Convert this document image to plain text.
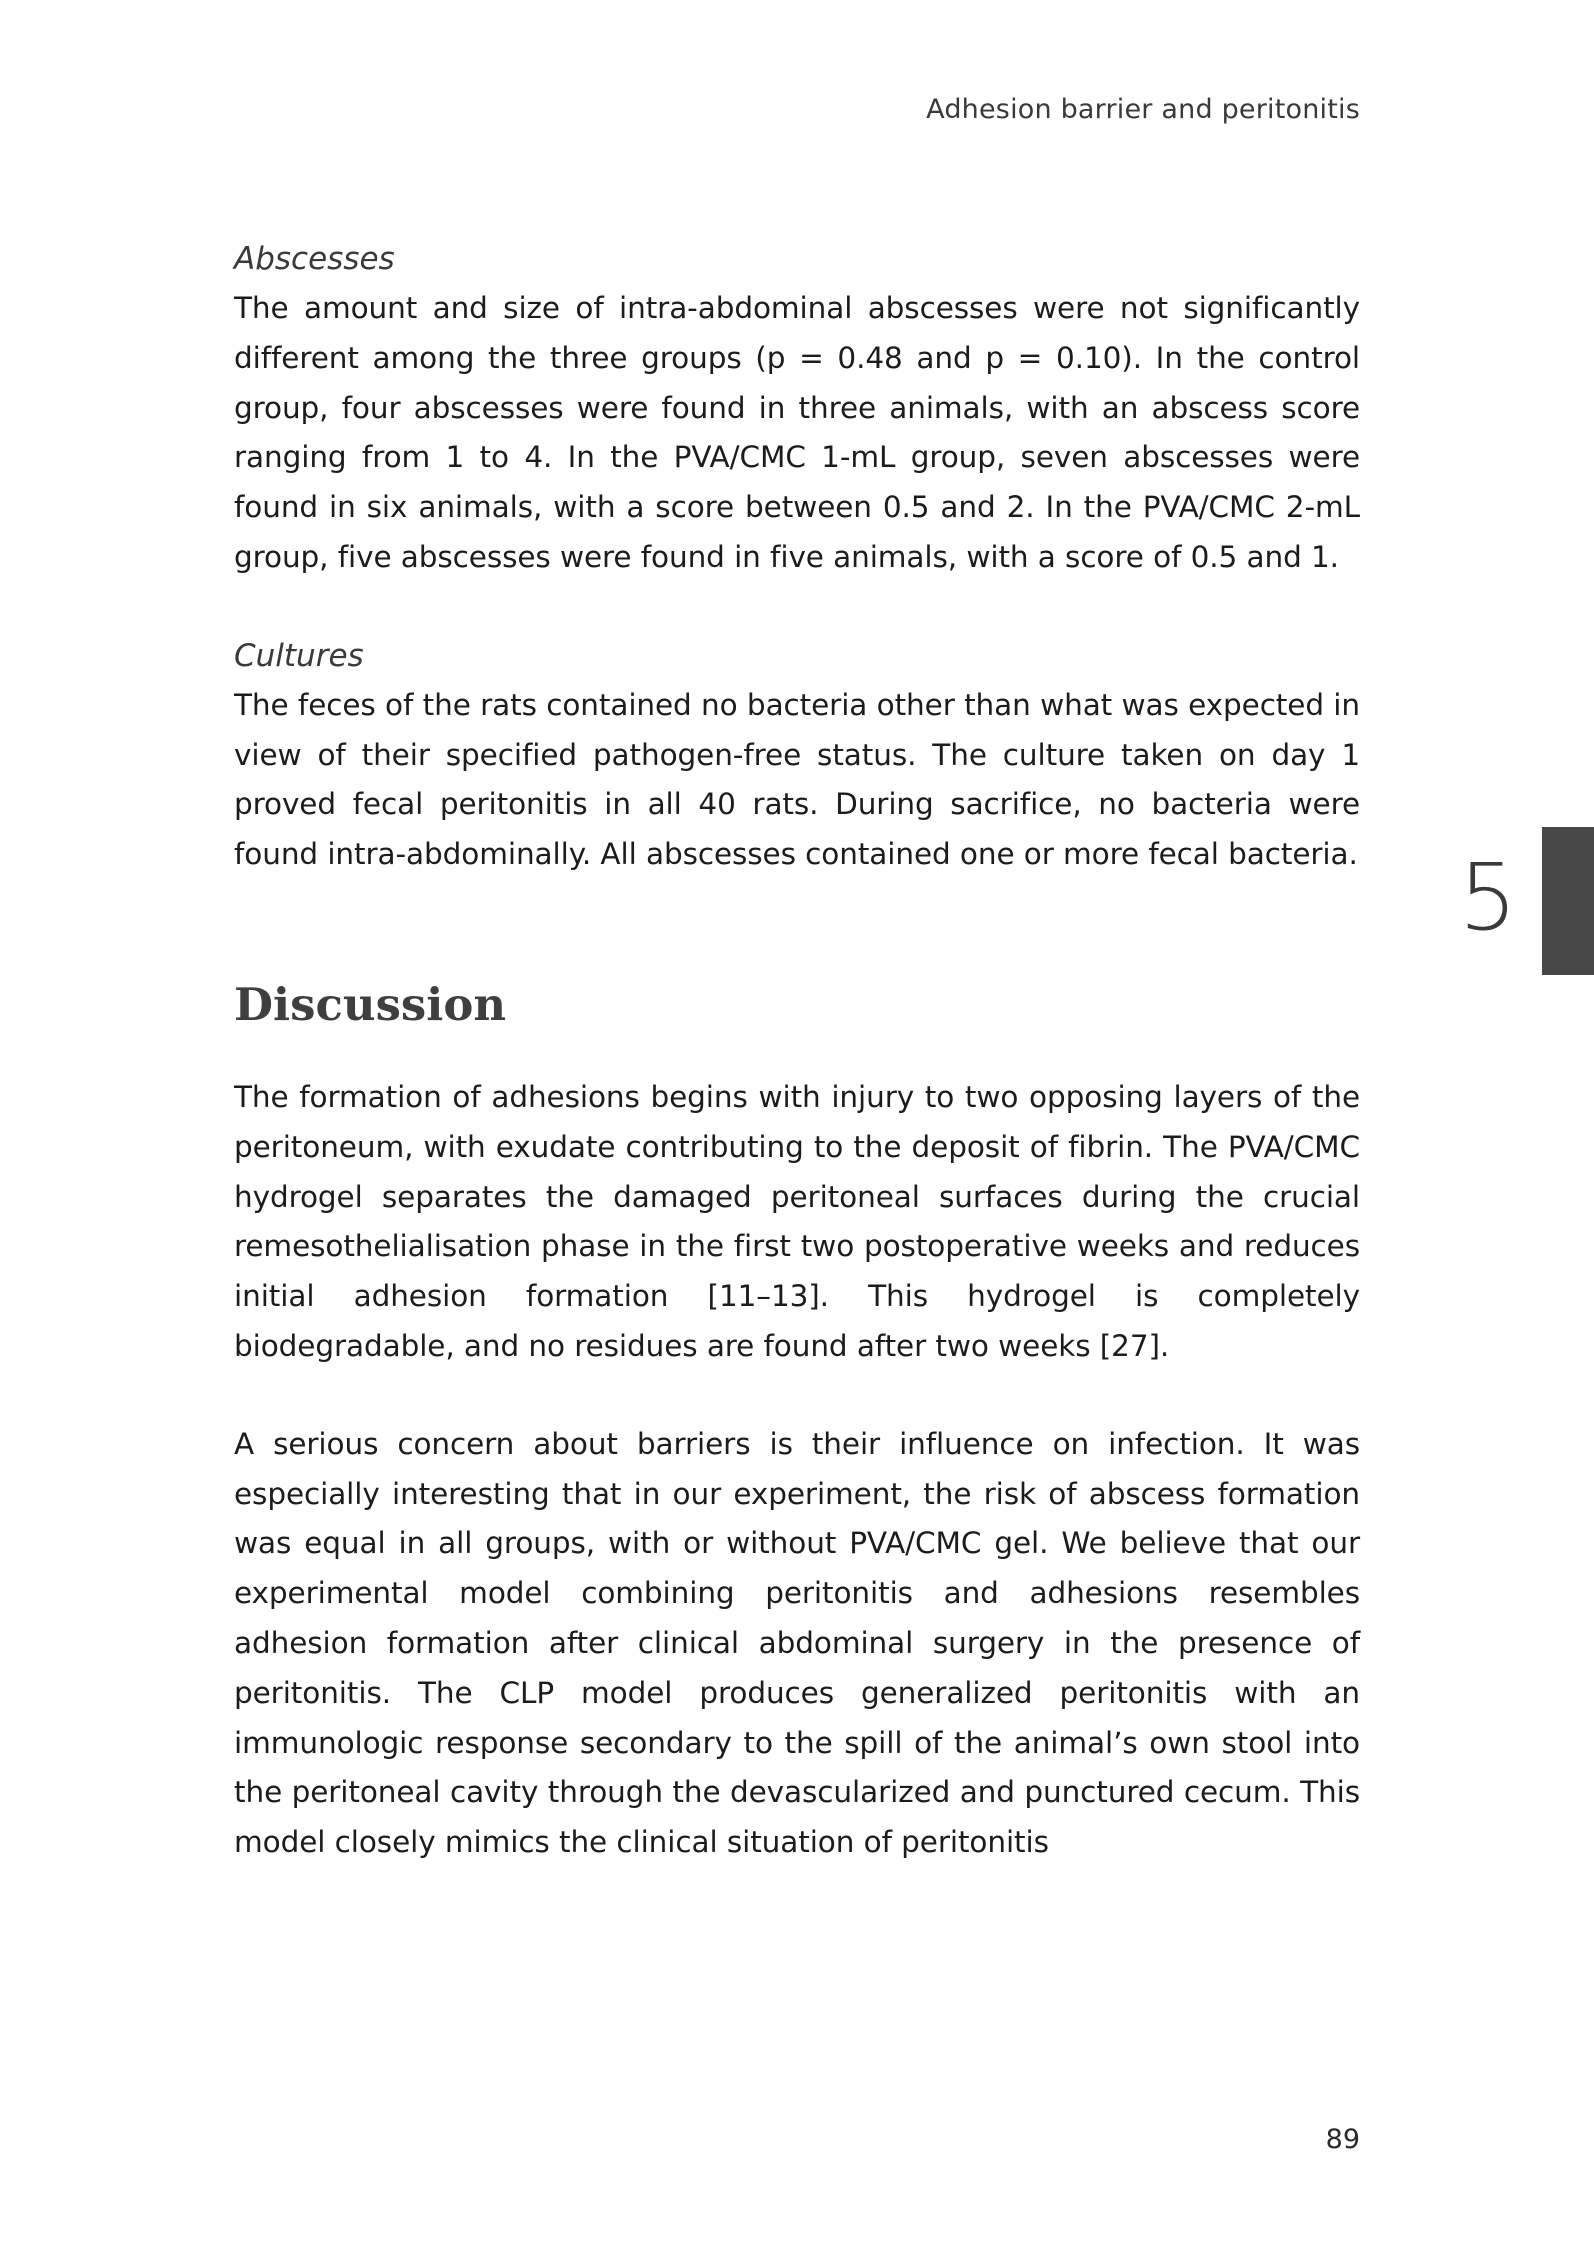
Adhesion barrier and peritonitis
5
Abscesses

The amount and size of intra-abdominal abscesses were not significantly different among the three groups (p = 0.48 and p = 0.10). In the control group, four abscesses were found in three animals, with an abscess score ranging from 1 to 4. In the PVA/CMC 1-mL group, seven abscesses were found in six animals, with a score between 0.5 and 2. In the PVA/CMC 2-mL group, five abscesses were found in five animals, with a score of 0.5 and 1.

Cultures

The feces of the rats contained no bacteria other than what was expected in view of their specified pathogen-free status. The culture taken on day 1 proved fecal peritonitis in all 40 rats. During sacrifice, no bacteria were found intra-abdominally. All abscesses contained one or more fecal bacteria.

Discussion

The formation of adhesions begins with injury to two opposing layers of the peritoneum, with exudate contributing to the deposit of fibrin. The PVA/CMC hydrogel separates the damaged peritoneal surfaces during the crucial remesothelialisation phase in the first two postoperative weeks and reduces initial adhesion formation [11–13]. This hydrogel is completely biodegradable, and no residues are found after two weeks [27].

A serious concern about barriers is their influence on infection. It was especially interesting that in our experiment, the risk of abscess formation was equal in all groups, with or without PVA/CMC gel. We believe that our experimental model combining peritonitis and adhesions resembles adhesion formation after clinical abdominal surgery in the presence of peritonitis. The CLP model produces generalized peritonitis with an immunologic response secondary to the spill of the animal’s own stool into the peritoneal cavity through the devascularized and punctured cecum. This model closely mimics the clinical situation of peritonitis

89
